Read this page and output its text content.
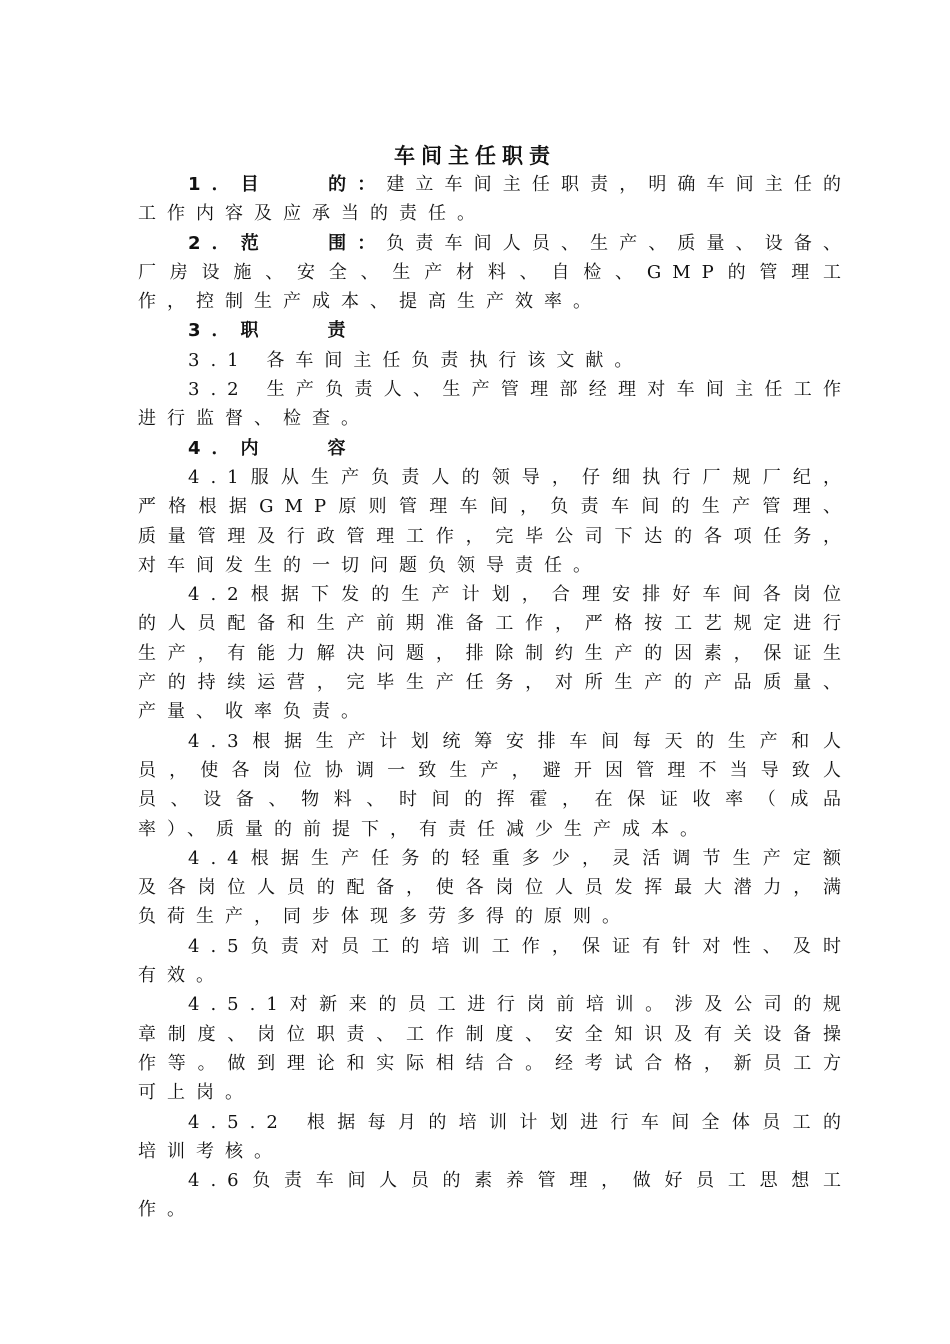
车间主任职责

1．目　　的：建立车间主任职责，明确车间主任的工作内容及应承当的责任。

2．范　　围：负责车间人员、生产、质量、设备、厂房设施、安全、生产材料、自检、GMP的管理工作，控制生产成本、提高生产效率。

3．职　　责

3.1 各车间主任负责执行该文献。

3.2 生产负责人、生产管理部经理对车间主任工作进行监督、检查。

4．内　　容

4.1服从生产负责人的领导，仔细执行厂规厂纪，严格根据GMP原则管理车间，负责车间的生产管理、质量管理及行政管理工作，完毕公司下达的各项任务，对车间发生的一切问题负领导责任。

4.2根据下发的生产计划，合理安排好车间各岗位的人员配备和生产前期准备工作，严格按工艺规定进行生产，有能力解决问题，排除制约生产的因素，保证生产的持续运营，完毕生产任务，对所生产的产品质量、产量、收率负责。

4.3根据生产计划统筹安排车间每天的生产和人员，使各岗位协调一致生产，避开因管理不当导致人员、设备、物料、时间的挥霍，在保证收率（成品率）、质量的前提下，有责任减少生产成本。

4.4根据生产任务的轻重多少，灵活调节生产定额及各岗位人员的配备，使各岗位人员发挥最大潜力，满负荷生产，同步体现多劳多得的原则。

4.5负责对员工的培训工作，保证有针对性、及时有效。

4.5.1对新来的员工进行岗前培训。涉及公司的规章制度、岗位职责、工作制度、安全知识及有关设备操作等。做到理论和实际相结合。经考试合格，新员工方可上岗。

4.5.2 根据每月的培训计划进行车间全体员工的培训考核。

4.6负责车间人员的素养管理，做好员工思想工作。
